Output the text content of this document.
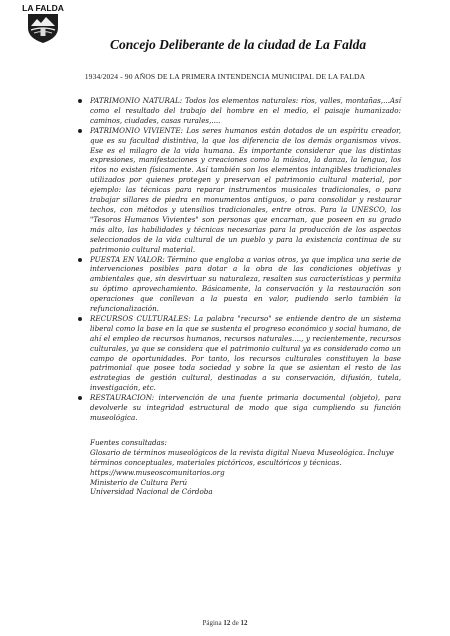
LA FALDA
Concejo Deliberante de la ciudad de La Falda
1934/2024 - 90 AÑOS DE LA PRIMERA INTENDENCIA MUNICIPAL DE LA FALDA
PATRIMONIO NATURAL: Todos los elementos naturales: ríos, valles, montañas,...Así como el resultado del trabajo del hombre en el medio, el paisaje humanizado: caminos, ciudades, casas rurales,....
PATRIMONIO VIVIENTE: Los seres humanos están dotados de un espíritu creador, que es su facultad distintiva, la que los diferencia de los demás organismos vivos. Ese es el milagro de la vida humana. Es importante considerar que las distintas expresiones, manifestaciones y creaciones como la música, la danza, la lengua, los ritos no existen físicamente. Así también son los elementos intangibles tradicionales utilizados por quienes protegen y preservan el patrimonio cultural material, por ejemplo: las técnicas para reparar instrumentos musicales tradicionales, o para trabajar sillares de piedra en monumentos antiguos, o para consolidar y restaurar techos, con métodos y utensilios tradicionales, entre otros. Para la UNESCO, los "Tesoros Humanos Vivientes" son personas que encarnan, que poseen en su grado más alto, las habilidades y técnicas necesarias para la producción de los aspectos seleccionados de la vida cultural de un pueblo y para la existencia continua de su patrimonio cultural material.
PUESTA EN VALOR: Término que engloba a varios otros, ya que implica una serie de intervenciones posibles para dotar a la obra de las condiciones objetivas y ambientales que, sin desvirtuar su naturaleza, resalten sus características y permita su óptimo aprovechamiento. Básicamente, la conservación y la restauración son operaciones que conllevan a la puesta en valor, pudiendo serlo también la refuncionalización.
RECURSOS CULTURALES: La palabra "recurso" se entiende dentro de un sistema liberal como la base en la que se sustenta el progreso económico y social humano, de ahí el empleo de recursos humanos, recursos naturales...., y recientemente, recursos culturales, ya que se considera que el patrimonio cultural ya es considerado como un campo de oportunidades. Por tanto, los recursos culturales constituyen la base patrimonial que posee toda sociedad y sobre la que se asientan el resto de las estrategias de gestión cultural, destinadas a su conservación, difusión, tutela, investigación, etc.
RESTAURACION: intervención de una fuente primaria documental (objeto), para devolverle su integridad estructural de modo que siga cumpliendo su función museológica.

Fuentes consultadas:

Glosario de términos museológicos de la revista digital Nueva Museológica. Incluye términos conceptuales, materiales pictóricos, escultóricos y técnicas.

https://www.museoscomunitarios.org

Ministerio de Cultura Perú

Universidad Nacional de Córdoba

Página 12 de 12
